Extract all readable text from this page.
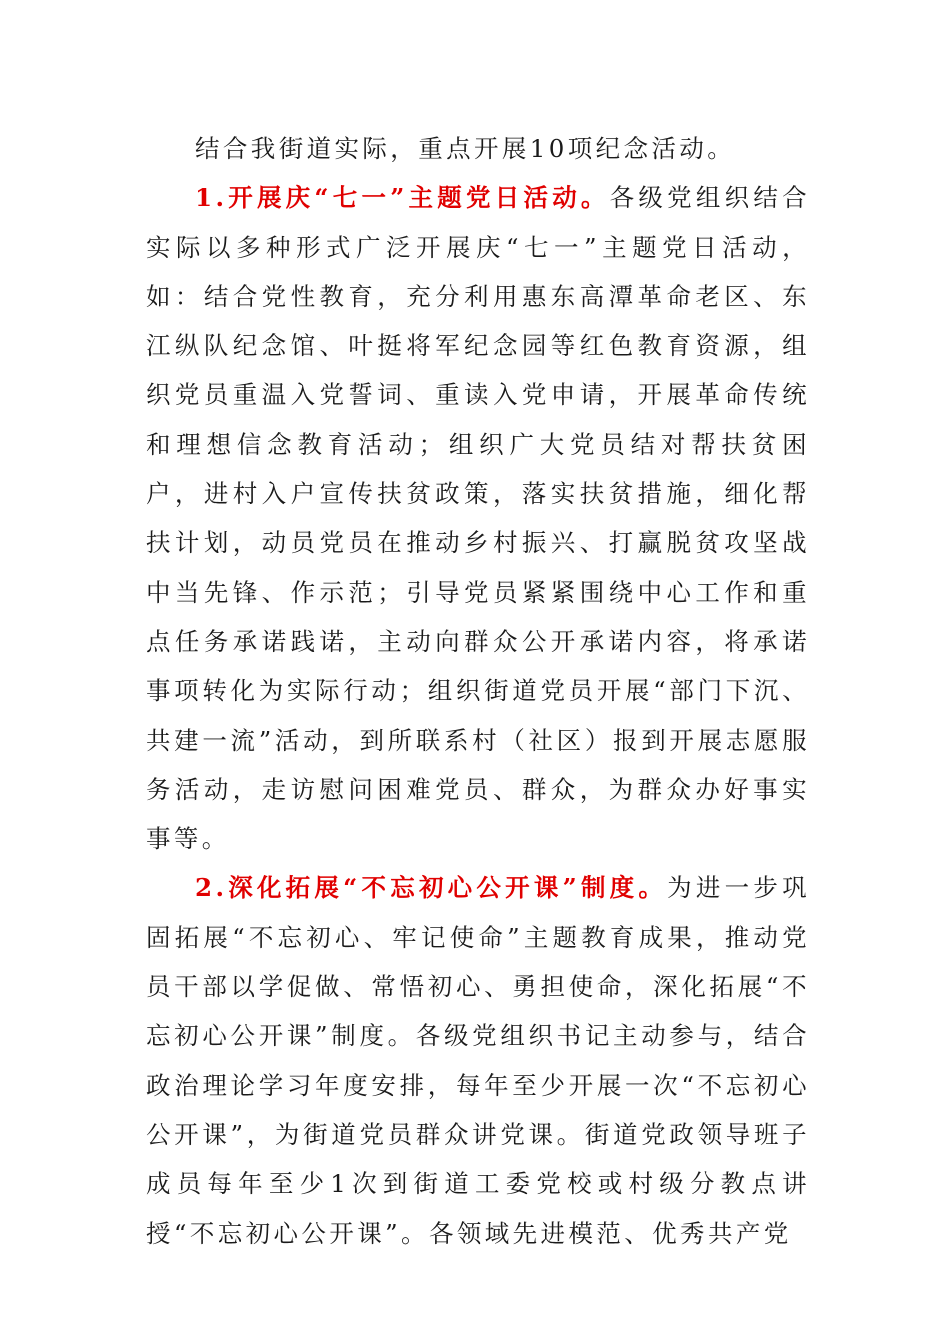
结合我街道实际，重点开展10项纪念活动。

1.开展庆“七一”主题党日活动。各级党组织结合实际以多种形式广泛开展庆“七一”主题党日活动，如：结合党性教育，充分利用惠东高潭革命老区、东江纵队纪念馆、叶挺将军纪念园等红色教育资源，组织党员重温入党誓词、重读入党申请，开展革命传统和理想信念教育活动；组织广大党员结对帮扶贫困户，进村入户宣传扶贫政策，落实扶贫措施，细化帮扶计划，动员党员在推动乡村振兴、打赢脱贫攻坚战中当先锋、作示范；引导党员紧紧围绕中心工作和重点任务承诺践诺，主动向群众公开承诺内容，将承诺事项转化为实际行动；组织街道党员开展“部门下沉、共建一流”活动，到所联系村（社区）报到开展志愿服务活动，走访慰问困难党员、群众，为群众办好事实事等。

2.深化拓展“不忘初心公开课”制度。为进一步巩固拓展“不忘初心、牢记使命”主题教育成果，推动党员干部以学促做、常悟初心、勇担使命，深化拓展“不忘初心公开课”制度。各级党组织书记主动参与，结合政治理论学习年度安排，每年至少开展一次“不忘初心公开课”，为街道党员群众讲党课。街道党政领导班子成员每年至少1次到街道工委党校或村级分教点讲授“不忘初心公开课”。各领域先进模范、优秀共产党
